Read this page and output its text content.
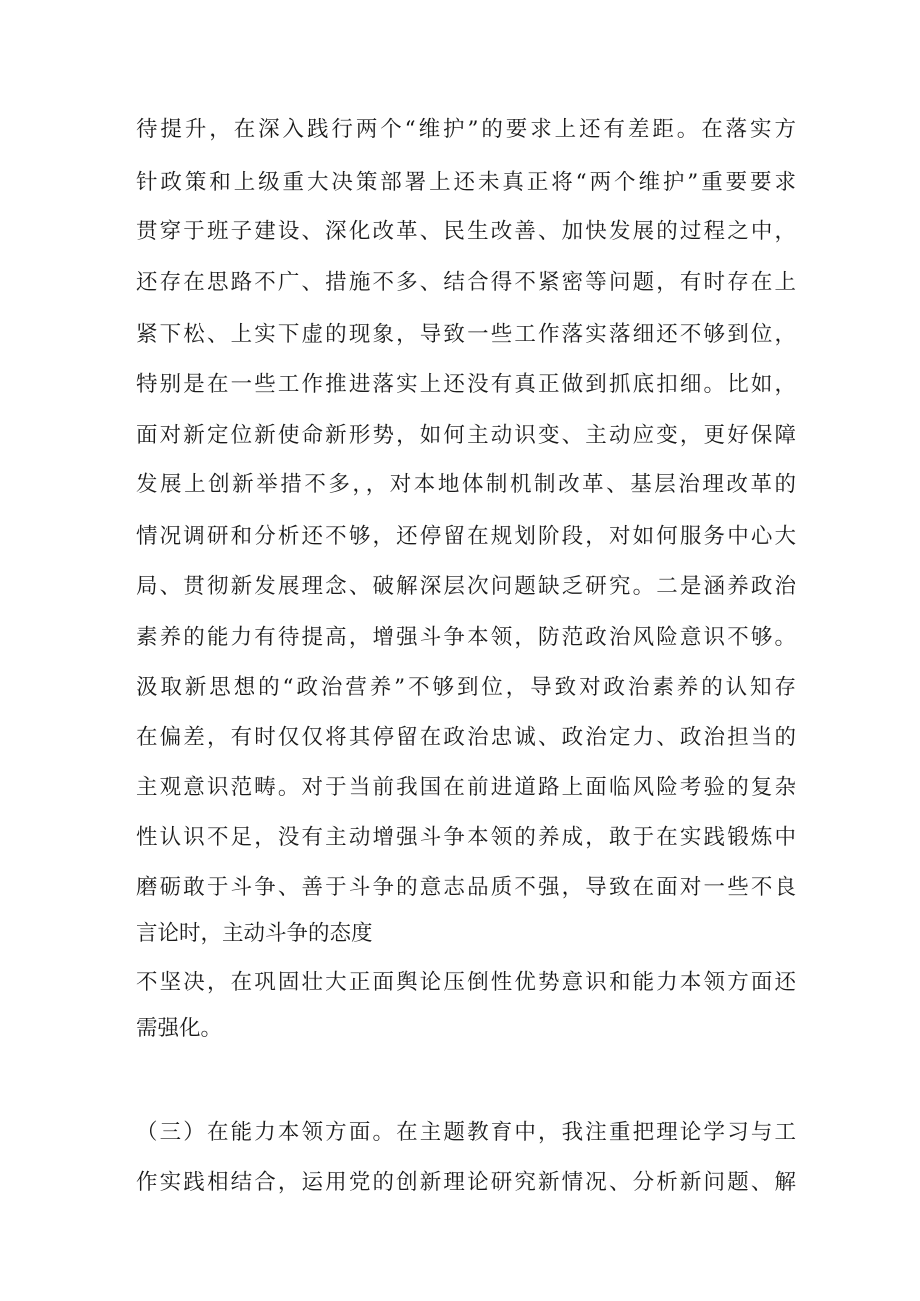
待提升，在深入践行两个“维护”的要求上还有差距。在落实方
针政策和上级重大决策部署上还未真正将“两个维护”重要要求
贯穿于班子建设、深化改革、民生改善、加快发展的过程之中，
还存在思路不广、措施不多、结合得不紧密等问题，有时存在上
紧下松、上实下虚的现象，导致一些工作落实落细还不够到位，
特别是在一些工作推进落实上还没有真正做到抓底扣细。比如，
面对新定位新使命新形势，如何主动识变、主动应变，更好保障
发展上创新举措不多，，对本地体制机制改革、基层治理改革的
情况调研和分析还不够，还停留在规划阶段，对如何服务中心大
局、贯彻新发展理念、破解深层次问题缺乏研究。二是涵养政治
素养的能力有待提高，增强斗争本领，防范政治风险意识不够。
汲取新思想的“政治营养”不够到位，导致对政治素养的认知存
在偏差，有时仅仅将其停留在政治忠诚、政治定力、政治担当的
主观意识范畴。对于当前我国在前进道路上面临风险考验的复杂
性认识不足，没有主动增强斗争本领的养成，敢于在实践锻炼中
磨砺敢于斗争、善于斗争的意志品质不强，导致在面对一些不良
言论时，主动斗争的态度
不坚决，在巩固壮大正面舆论压倒性优势意识和能力本领方面还
需强化。
（三）在能力本领方面。在主题教育中，我注重把理论学习与工
作实践相结合，运用党的创新理论研究新情况、分析新问题、解
